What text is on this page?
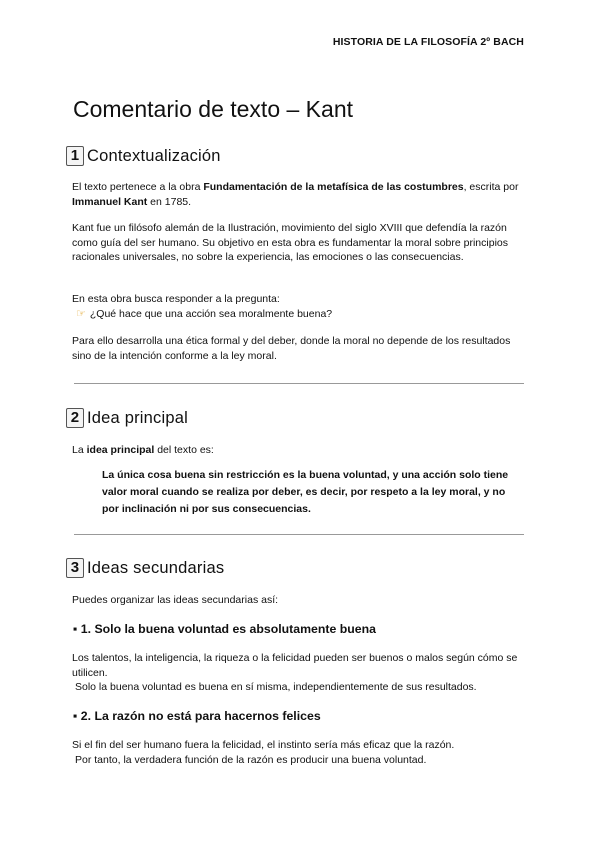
HISTORIA DE LA FILOSOFÍA 2º BACH
Comentario de texto – Kant
1 Contextualización

El texto pertenece a la obra Fundamentación de la metafísica de las costumbres, escrita por Immanuel Kant en 1785.

Kant fue un filósofo alemán de la Ilustración, movimiento del siglo XVIII que defendía la razón como guía del ser humano. Su objetivo en esta obra es fundamentar la moral sobre principios racionales universales, no sobre la experiencia, las emociones o las consecuencias.

En esta obra busca responder a la pregunta:
☞ ¿Qué hace que una acción sea moralmente buena?

Para ello desarrolla una ética formal y del deber, donde la moral no depende de los resultados sino de la intención conforme a la ley moral.

2 Idea principal

La idea principal del texto es:

La única cosa buena sin restricción es la buena voluntad, y una acción solo tiene valor moral cuando se realiza por deber, es decir, por respeto a la ley moral, y no por inclinación ni por sus consecuencias.

3 Ideas secundarias

Puedes organizar las ideas secundarias así:

▪ 1. Solo la buena voluntad es absolutamente buena

Los talentos, la inteligencia, la riqueza o la felicidad pueden ser buenos o malos según cómo se utilicen.
Solo la buena voluntad es buena en sí misma, independientemente de sus resultados.

▪ 2. La razón no está para hacernos felices

Si el fin del ser humano fuera la felicidad, el instinto sería más eficaz que la razón.
Por tanto, la verdadera función de la razón es producir una buena voluntad.
